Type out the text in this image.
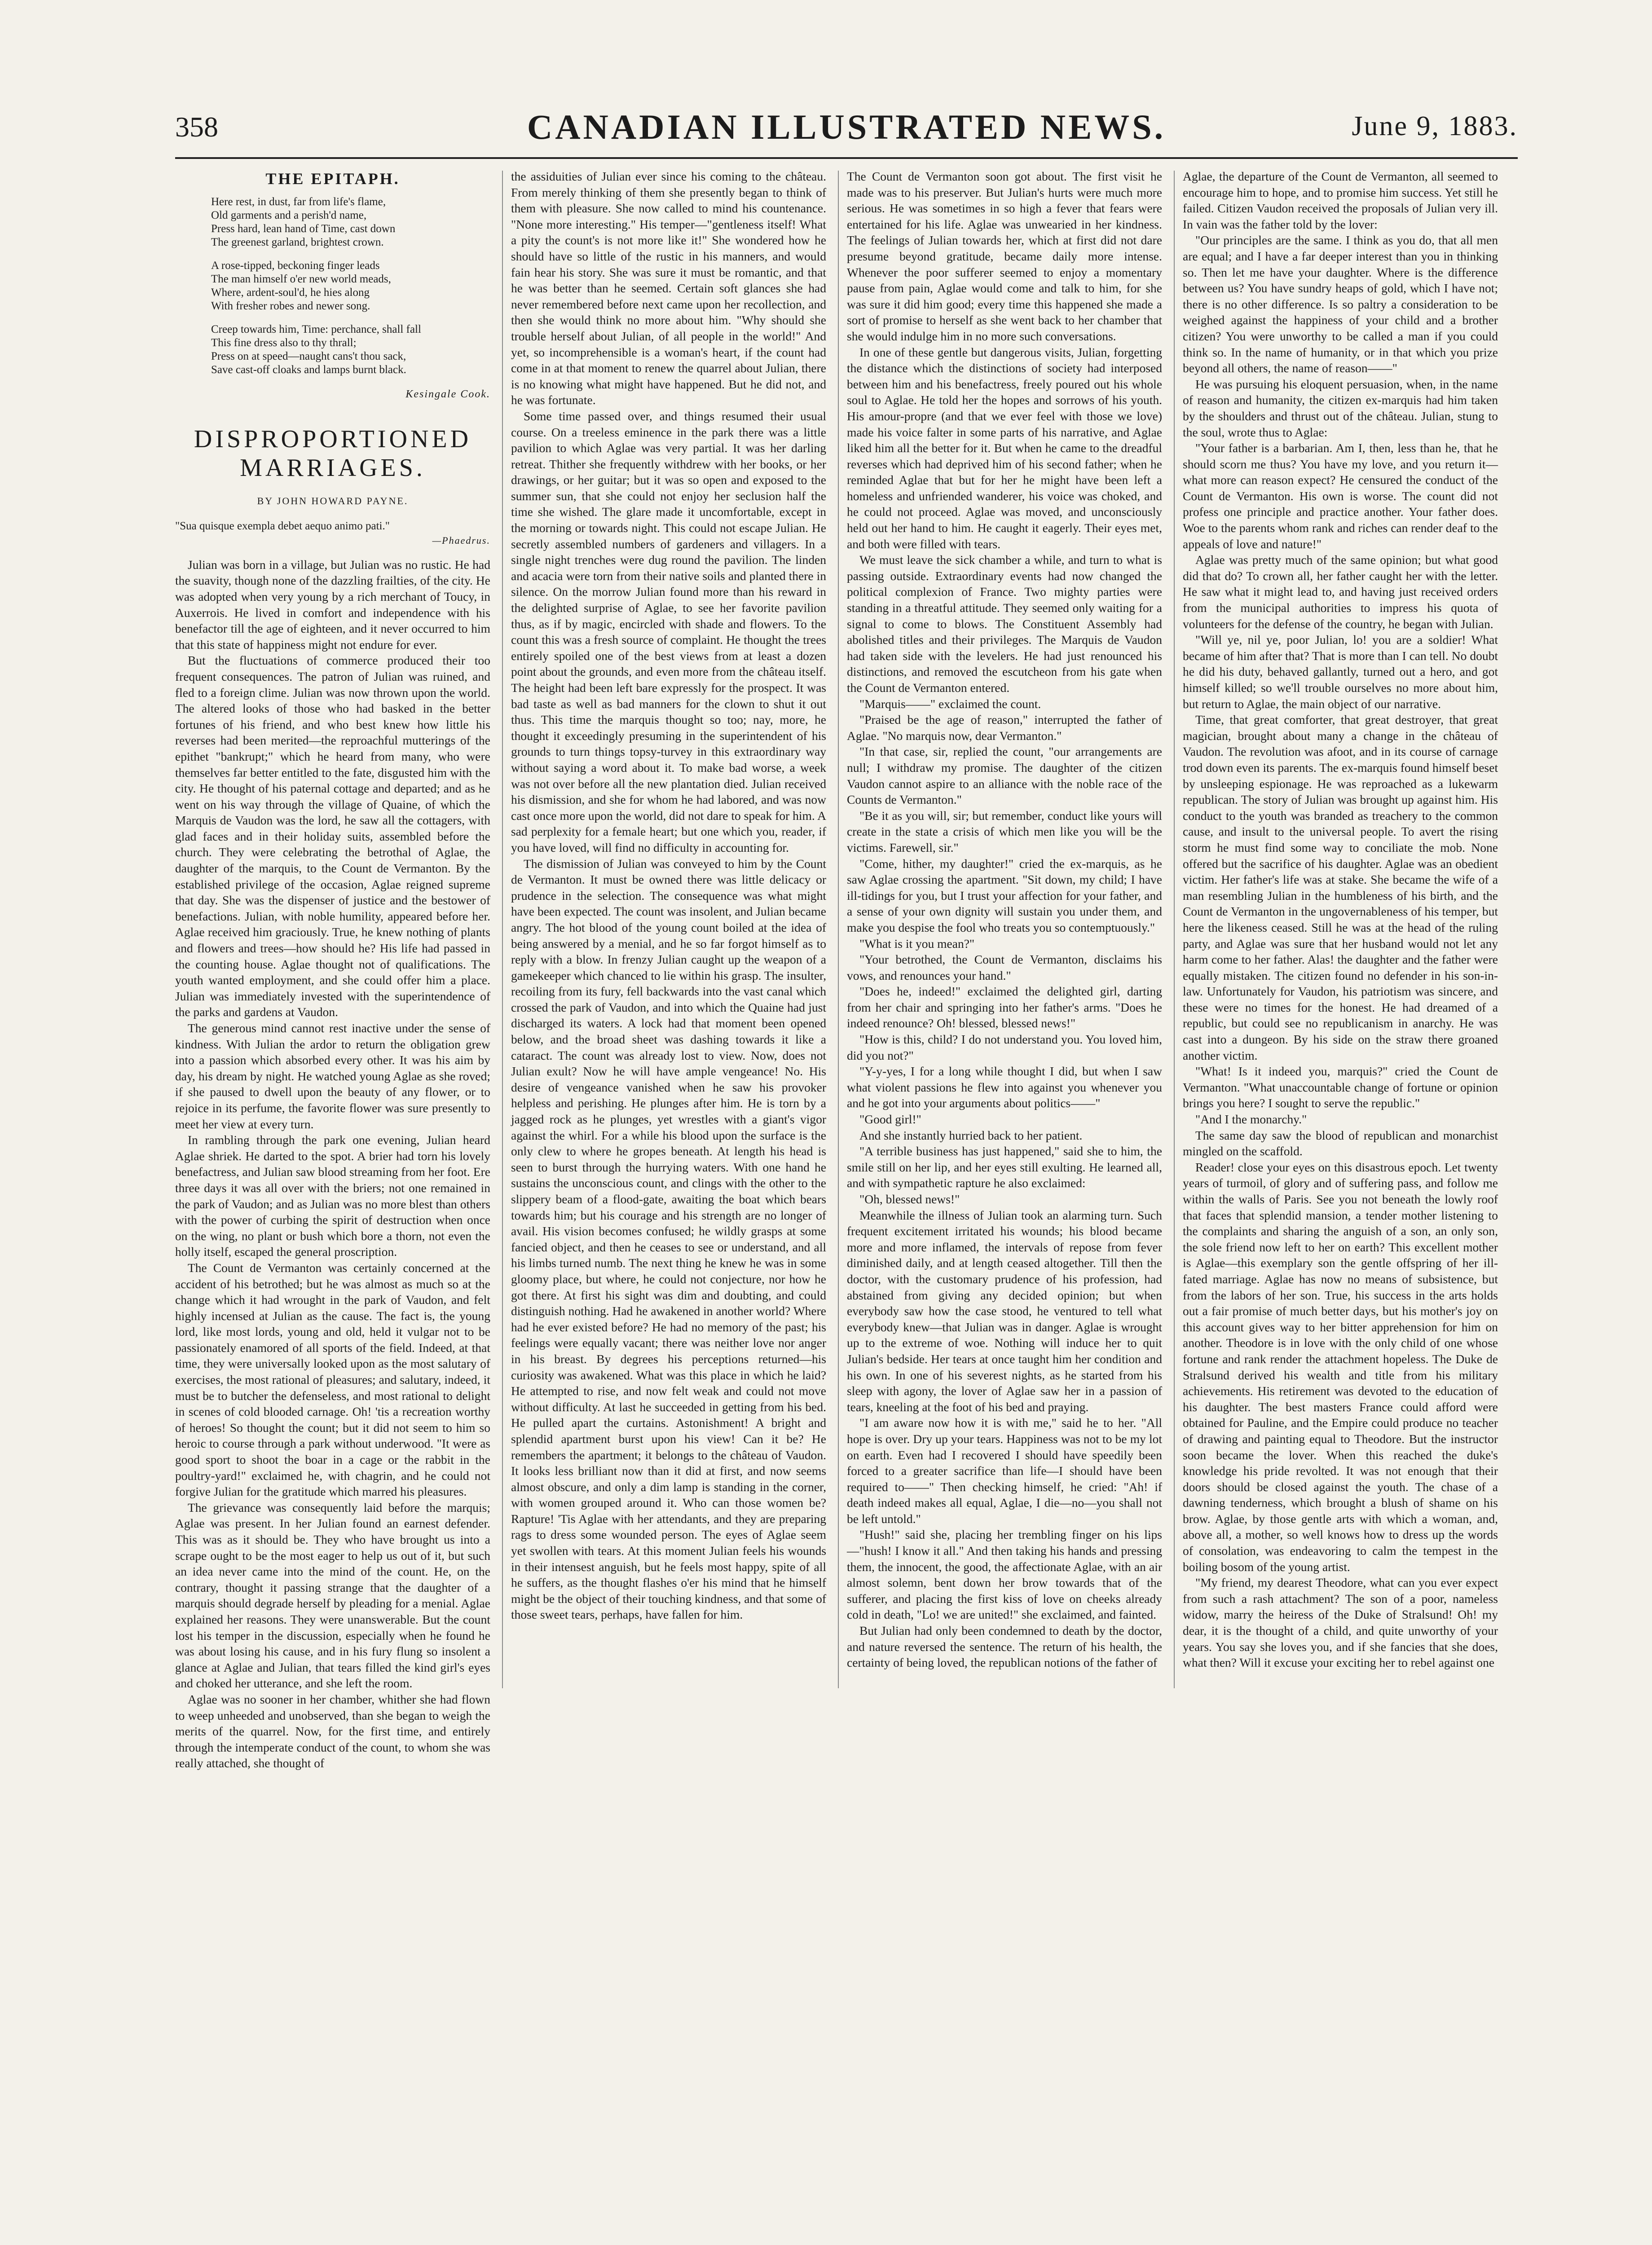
358	CANADIAN ILLUSTRATED NEWS.	June 9, 1883.
THE EPITAPH.
Here rest, in dust, far from life's flame,
Old garments and a perish'd name,
Press hard, lean hand of Time, cast down
The greenest garland, brightest crown.
A rose-tipped, beckoning finger leads
The man himself o'er new world meads,
Where, ardent-soul'd, he hies along
With fresher robes and newer song.
Creep towards him, Time: perchance, shall fall
This fine dress also to thy thrall;
Press on at speed—naught cans't thou sack,
Save cast-off cloaks and lamps burnt black.
Kesingale Cook.
DISPROPORTIONED
MARRIAGES.
BY JOHN HOWARD PAYNE.
"Sua quisque exempla debet aequo animo pati."
—Phaedrus.

Julian was born in a village, but Julian was no rustic. He had the suavity, though none of the dazzling frailties, of the city. He was adopted when very young by a rich merchant of Toucy, in Auxerrois. He lived in comfort and independence with his benefactor till the age of eighteen, and it never occurred to him that this state of happiness might not endure for ever.

But the fluctuations of commerce produced their too frequent consequences. The patron of Julian was ruined, and fled to a foreign clime. Julian was now thrown upon the world. The altered looks of those who had basked in the better fortunes of his friend, and who best knew how little his reverses had been merited—the reproachful mutterings of the epithet "bankrupt;" which he heard from many, who were themselves far better entitled to the fate, disgusted him with the city. He thought of his paternal cottage and departed; and as he went on his way through the village of Quaine, of which the Marquis de Vaudon was the lord, he saw all the cottagers, with glad faces and in their holiday suits, assembled before the church. They were celebrating the betrothal of Aglae, the daughter of the marquis, to the Count de Vermanton. By the established privilege of the occasion, Aglae reigned supreme that day. She was the dispenser of justice and the bestower of benefactions. Julian, with noble humility, appeared before her. Aglae received him graciously. True, he knew nothing of plants and flowers and trees—how should he? His life had passed in the counting house. Aglae thought not of qualifications. The youth wanted employment, and she could offer him a place. Julian was immediately invested with the superintendence of the parks and gardens at Vaudon.

The generous mind cannot rest inactive under the sense of kindness. With Julian the ardor to return the obligation grew into a passion which absorbed every other. It was his aim by day, his dream by night. He watched young Aglae as she roved; if she paused to dwell upon the beauty of any flower, or to rejoice in its perfume, the favorite flower was sure presently to meet her view at every turn.

In rambling through the park one evening, Julian heard Aglae shriek. He darted to the spot. A brier had torn his lovely benefactress, and Julian saw blood streaming from her foot. Ere three days it was all over with the briers; not one remained in the park of Vaudon; and as Julian was no more blest than others with the power of curbing the spirit of destruction when once on the wing, no plant or bush which bore a thorn, not even the holly itself, escaped the general proscription.

The Count de Vermanton was certainly concerned at the accident of his betrothed; but he was almost as much so at the change which it had wrought in the park of Vaudon, and felt highly incensed at Julian as the cause. The fact is, the young lord, like most lords, young and old, held it vulgar not to be passionately enamored of all sports of the field. Indeed, at that time, they were universally looked upon as the most salutary of exercises, the most rational of pleasures; and salutary, indeed, it must be to butcher the defenseless, and most rational to delight in scenes of cold blooded carnage. Oh! 'tis a recreation worthy of heroes! So thought the count; but it did not seem to him so heroic to course through a park without underwood. "It were as good sport to shoot the boar in a cage or the rabbit in the poultry-yard!" exclaimed he, with chagrin, and he could not forgive Julian for the gratitude which marred his pleasures.

The grievance was consequently laid before the marquis; Aglae was present. In her Julian found an earnest defender. This was as it should be. They who have brought us into a scrape ought to be the most eager to help us out of it, but such an idea never came into the mind of the count. He, on the contrary, thought it passing strange that the daughter of a marquis should degrade herself by pleading for a menial. Aglae explained her reasons. They were unanswerable. But the count lost his temper in the discussion, especially when he found he was about losing his cause, and in his fury flung so insolent a glance at Aglae and Julian, that tears filled the kind girl's eyes and choked her utterance, and she left the room.

Aglae was no sooner in her chamber, whither she had flown to weep unheeded and unobserved, than she began to weigh the merits of the quarrel. Now, for the first time, and entirely through the intemperate conduct of the count, to whom she was really attached, she thought of

the assiduities of Julian ever since his coming to the château. From merely thinking of them she presently began to think of them with pleasure. She now called to mind his countenance. "None more interesting." His temper—"gentleness itself! What a pity the count's is not more like it!" She wondered how he should have so little of the rustic in his manners, and would fain hear his story. She was sure it must be romantic, and that he was better than he seemed. Certain soft glances she had never remembered before next came upon her recollection, and then she would think no more about him. "Why should she trouble herself about Julian, of all people in the world!" And yet, so incomprehensible is a woman's heart, if the count had come in at that moment to renew the quarrel about Julian, there is no knowing what might have happened. But he did not, and he was fortunate.

Some time passed over, and things resumed their usual course. On a treeless eminence in the park there was a little pavilion to which Aglae was very partial. It was her darling retreat. Thither she frequently withdrew with her books, or her drawings, or her guitar; but it was so open and exposed to the summer sun, that she could not enjoy her seclusion half the time she wished. The glare made it uncomfortable, except in the morning or towards night. This could not escape Julian. He secretly assembled numbers of gardeners and villagers. In a single night trenches were dug round the pavilion. The linden and acacia were torn from their native soils and planted there in silence. On the morrow Julian found more than his reward in the delighted surprise of Aglae, to see her favorite pavilion thus, as if by magic, encircled with shade and flowers. To the count this was a fresh source of complaint. He thought the trees entirely spoiled one of the best views from at least a dozen point about the grounds, and even more from the château itself. The height had been left bare expressly for the prospect. It was bad taste as well as bad manners for the clown to shut it out thus. This time the marquis thought so too; nay, more, he thought it exceedingly presuming in the superintendent of his grounds to turn things topsy-turvey in this extraordinary way without saying a word about it. To make bad worse, a week was not over before all the new plantation died. Julian received his dismission, and she for whom he had labored, and was now cast once more upon the world, did not dare to speak for him. A sad perplexity for a female heart; but one which you, reader, if you have loved, will find no difficulty in accounting for.

The dismission of Julian was conveyed to him by the Count de Vermanton. It must be owned there was little delicacy or prudence in the selection. The consequence was what might have been expected. The count was insolent, and Julian became angry. The hot blood of the young count boiled at the idea of being answered by a menial, and he so far forgot himself as to reply with a blow. In frenzy Julian caught up the weapon of a gamekeeper which chanced to lie within his grasp. The insulter, recoiling from its fury, fell backwards into the vast canal which crossed the park of Vaudon, and into which the Quaine had just discharged its waters. A lock had that moment been opened below, and the broad sheet was dashing towards it like a cataract. The count was already lost to view. Now, does not Julian exult? Now he will have ample vengeance! No. His desire of vengeance vanished when he saw his provoker helpless and perishing. He plunges after him. He is torn by a jagged rock as he plunges, yet wrestles with a giant's vigor against the whirl. For a while his blood upon the surface is the only clew to where he gropes beneath. At length his head is seen to burst through the hurrying waters. With one hand he sustains the unconscious count, and clings with the other to the slippery beam of a flood-gate, awaiting the boat which bears towards him; but his courage and his strength are no longer of avail. His vision becomes confused; he wildly grasps at some fancied object, and then he ceases to see or understand, and all his limbs turned numb. The next thing he knew he was in some gloomy place, but where, he could not conjecture, nor how he got there. At first his sight was dim and doubting, and could distinguish nothing. Had he awakened in another world? Where had he ever existed before? He had no memory of the past; his feelings were equally vacant; there was neither love nor anger in his breast. By degrees his perceptions returned—his curiosity was awakened. What was this place in which he laid? He attempted to rise, and now felt weak and could not move without difficulty. At last he succeeded in getting from his bed. He pulled apart the curtains. Astonishment! A bright and splendid apartment burst upon his view! Can it be? He remembers the apartment; it belongs to the château of Vaudon. It looks less brilliant now than it did at first, and now seems almost obscure, and only a dim lamp is standing in the corner, with women grouped around it. Who can those women be? Rapture! 'Tis Aglae with her attendants, and they are preparing rags to dress some wounded person. The eyes of Aglae seem yet swollen with tears. At this moment Julian feels his wounds in their intensest anguish, but he feels most happy, spite of all he suffers, as the thought flashes o'er his mind that he himself might be the object of their touching kindness, and that some of those sweet tears, perhaps, have fallen for him.

The Count de Vermanton soon got about. The first visit he made was to his preserver. But Julian's hurts were much more serious. He was sometimes in so high a fever that fears were entertained for his life. Aglae was unwearied in her kindness. The feelings of Julian towards her, which at first did not dare presume beyond gratitude, became daily more intense. Whenever the poor sufferer seemed to enjoy a momentary pause from pain, Aglae would come and talk to him, for she was sure it did him good; every time this happened she made a sort of promise to herself as she went back to her chamber that she would indulge him in no more such conversations.

In one of these gentle but dangerous visits, Julian, forgetting the distance which the distinctions of society had interposed between him and his benefactress, freely poured out his whole soul to Aglae. He told her the hopes and sorrows of his youth. His amour-propre (and that we ever feel with those we love) made his voice falter in some parts of his narrative, and Aglae liked him all the better for it. But when he came to the dreadful reverses which had deprived him of his second father; when he reminded Aglae that but for her he might have been left a homeless and unfriended wanderer, his voice was choked, and he could not proceed. Aglae was moved, and unconsciously held out her hand to him. He caught it eagerly. Their eyes met, and both were filled with tears.

We must leave the sick chamber a while, and turn to what is passing outside. Extraordinary events had now changed the political complexion of France. Two mighty parties were standing in a threatful attitude. They seemed only waiting for a signal to come to blows. The Constituent Assembly had abolished titles and their privileges. The Marquis de Vaudon had taken side with the levelers. He had just renounced his distinctions, and removed the escutcheon from his gate when the Count de Vermanton entered.

"Marquis——" exclaimed the count.

"Praised be the age of reason," interrupted the father of Aglae. "No marquis now, dear Vermanton."

"In that case, sir, replied the count, "our arrangements are null; I withdraw my promise. The daughter of the citizen Vaudon cannot aspire to an alliance with the noble race of the Counts de Vermanton."

"Be it as you will, sir; but remember, conduct like yours will create in the state a crisis of which men like you will be the victims. Farewell, sir."

"Come, hither, my daughter!" cried the ex-marquis, as he saw Aglae crossing the apartment. "Sit down, my child; I have ill-tidings for you, but I trust your affection for your father, and a sense of your own dignity will sustain you under them, and make you despise the fool who treats you so contemptuously."

"What is it you mean?"

"Your betrothed, the Count de Vermanton, disclaims his vows, and renounces your hand."

"Does he, indeed!" exclaimed the delighted girl, darting from her chair and springing into her father's arms. "Does he indeed renounce? Oh! blessed, blessed news!"

"How is this, child? I do not understand you. You loved him, did you not?"

"Y-y-yes, I for a long while thought I did, but when I saw what violent passions he flew into against you whenever you and he got into your arguments about politics——"

"Good girl!"

And she instantly hurried back to her patient.

"A terrible business has just happened," said she to him, the smile still on her lip, and her eyes still exulting. He learned all, and with sympathetic rapture he also exclaimed:

"Oh, blessed news!"

Meanwhile the illness of Julian took an alarming turn. Such frequent excitement irritated his wounds; his blood became more and more inflamed, the intervals of repose from fever diminished daily, and at length ceased altogether. Till then the doctor, with the customary prudence of his profession, had abstained from giving any decided opinion; but when everybody saw how the case stood, he ventured to tell what everybody knew—that Julian was in danger. Aglae is wrought up to the extreme of woe. Nothing will induce her to quit Julian's bedside. Her tears at once taught him her condition and his own. In one of his severest nights, as he started from his sleep with agony, the lover of Aglae saw her in a passion of tears, kneeling at the foot of his bed and praying.

"I am aware now how it is with me," said he to her. "All hope is over. Dry up your tears. Happiness was not to be my lot on earth. Even had I recovered I should have speedily been forced to a greater sacrifice than life—I should have been required to——" Then checking himself, he cried: "Ah! if death indeed makes all equal, Aglae, I die—no—you shall not be left untold."

"Hush!" said she, placing her trembling finger on his lips—"hush! I know it all." And then taking his hands and pressing them, the innocent, the good, the affectionate Aglae, with an air almost solemn, bent down her brow towards that of the sufferer, and placing the first kiss of love on cheeks already cold in death, "Lo! we are united!" she exclaimed, and fainted.

But Julian had only been condemned to death by the doctor, and nature reversed the sentence. The return of his health, the certainty of being loved, the republican notions of the father of

Aglae, the departure of the Count de Vermanton, all seemed to encourage him to hope, and to promise him success. Yet still he failed. Citizen Vaudon received the proposals of Julian very ill. In vain was the father told by the lover:

"Our principles are the same. I think as you do, that all men are equal; and I have a far deeper interest than you in thinking so. Then let me have your daughter. Where is the difference between us? You have sundry heaps of gold, which I have not; there is no other difference. Is so paltry a consideration to be weighed against the happiness of your child and a brother citizen? You were unworthy to be called a man if you could think so. In the name of humanity, or in that which you prize beyond all others, the name of reason——"

He was pursuing his eloquent persuasion, when, in the name of reason and humanity, the citizen ex-marquis had him taken by the shoulders and thrust out of the château. Julian, stung to the soul, wrote thus to Aglae:

"Your father is a barbarian. Am I, then, less than he, that he should scorn me thus? You have my love, and you return it—what more can reason expect? He censured the conduct of the Count de Vermanton. His own is worse. The count did not profess one principle and practice another. Your father does. Woe to the parents whom rank and riches can render deaf to the appeals of love and nature!"

Aglae was pretty much of the same opinion; but what good did that do? To crown all, her father caught her with the letter. He saw what it might lead to, and having just received orders from the municipal authorities to impress his quota of volunteers for the defense of the country, he began with Julian.

"Will ye, nil ye, poor Julian, lo! you are a soldier! What became of him after that? That is more than I can tell. No doubt he did his duty, behaved gallantly, turned out a hero, and got himself killed; so we'll trouble ourselves no more about him, but return to Aglae, the main object of our narrative.

Time, that great comforter, that great destroyer, that great magician, brought about many a change in the château of Vaudon. The revolution was afoot, and in its course of carnage trod down even its parents. The ex-marquis found himself beset by unsleeping espionage. He was reproached as a lukewarm republican. The story of Julian was brought up against him. His conduct to the youth was branded as treachery to the common cause, and insult to the universal people. To avert the rising storm he must find some way to conciliate the mob. None offered but the sacrifice of his daughter. Aglae was an obedient victim. Her father's life was at stake. She became the wife of a man resembling Julian in the humbleness of his birth, and the Count de Vermanton in the ungovernableness of his temper, but here the likeness ceased. Still he was at the head of the ruling party, and Aglae was sure that her husband would not let any harm come to her father. Alas! the daughter and the father were equally mistaken. The citizen found no defender in his son-in-law. Unfortunately for Vaudon, his patriotism was sincere, and these were no times for the honest. He had dreamed of a republic, but could see no republicanism in anarchy. He was cast into a dungeon. By his side on the straw there groaned another victim.

"What! Is it indeed you, marquis?" cried the Count de Vermanton. "What unaccountable change of fortune or opinion brings you here? I sought to serve the republic."

"And I the monarchy."

The same day saw the blood of republican and monarchist mingled on the scaffold.

Reader! close your eyes on this disastrous epoch. Let twenty years of turmoil, of glory and of suffering pass, and follow me within the walls of Paris. See you not beneath the lowly roof that faces that splendid mansion, a tender mother listening to the complaints and sharing the anguish of a son, an only son, the sole friend now left to her on earth? This excellent mother is Aglae—this exemplary son the gentle offspring of her ill-fated marriage. Aglae has now no means of subsistence, but from the labors of her son. True, his success in the arts holds out a fair promise of much better days, but his mother's joy on this account gives way to her bitter apprehension for him on another. Theodore is in love with the only child of one whose fortune and rank render the attachment hopeless. The Duke de Stralsund derived his wealth and title from his military achievements. His retirement was devoted to the education of his daughter. The best masters France could afford were obtained for Pauline, and the Empire could produce no teacher of drawing and painting equal to Theodore. But the instructor soon became the lover. When this reached the duke's knowledge his pride revolted. It was not enough that their doors should be closed against the youth. The chase of a dawning tenderness, which brought a blush of shame on his brow. Aglae, by those gentle arts with which a woman, and, above all, a mother, so well knows how to dress up the words of consolation, was endeavoring to calm the tempest in the boiling bosom of the young artist.

"My friend, my dearest Theodore, what can you ever expect from such a rash attachment? The son of a poor, nameless widow, marry the heiress of the Duke of Stralsund! Oh! my dear, it is the thought of a child, and quite unworthy of your years. You say she loves you, and if she fancies that she does, what then? Will it excuse your exciting her to rebel against one
